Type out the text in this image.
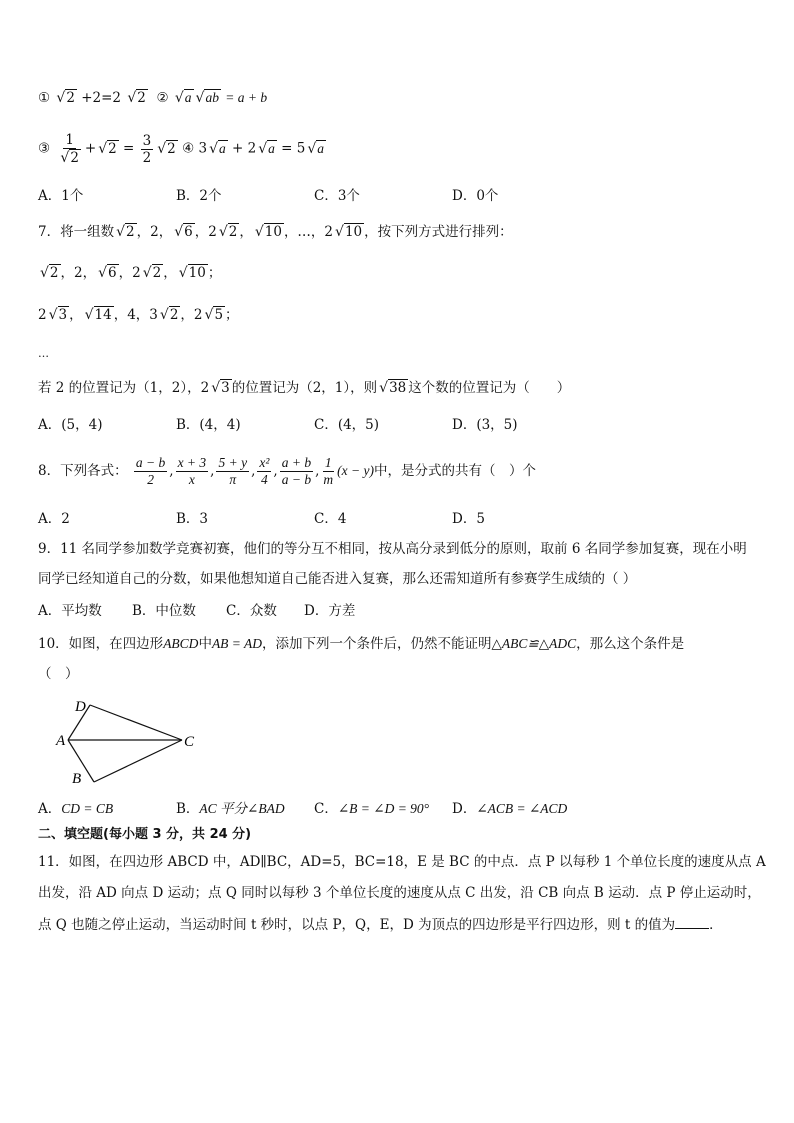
① √2 +2=2 √2 ② √a √ab = a + b
③ $\frac{1}{√2} + √2 = \frac{3}{2} √2$ ④ 3 √a + 2 √a = 5 √a
A．1个	B．2个	C．3个	D．0个
7．将一组数 √2 ，2， √6 ，2 √2 ， √10 ，…，2 √10 ，按下列方式进行排列：
√2 ，2， √6 ，2 √2 ， √10 ；
2 √3 ， √14 ，4，3 √2 ，2 √5 ；
…
若 2 的位置记为（1，2），2 √3 的位置记为（2，1），则 √38 这个数的位置记为（　　）
A．(5，4)	B．(4，4)	C．(4，5)	D．(3，5)
8．下列各式： $\frac{a - b}{2}$ , $\frac{x + 3}{x}$ , $\frac{5 + y}{\pi}$ , $\frac{\text{x²}}{4}$ , $\frac{a + b}{a - b}$ , $\frac{1}{m} (x - y)$中，是分式的共有（　）个
A．2	B．3	C．4	D．5
9．11 名同学参加数学竞赛初赛，他们的等分互不相同，按从高分录到低分的原则，取前 6 名同学参加复赛，现在小明
同学已经知道自己的分数，如果他想知道自己能否进入复赛，那么还需知道所有参赛学生成绩的（ ）
A．平均数 B．中位数 C．众数 D．方差
10．如图，在四边形ABCD中AB = AD，添加下列一个条件后，仍然不能证明△ABC≌△ADC，那么这个条件是
（　）
D
A	C
B
A．CD = CB	B．AC 平分∠BAD C．∠B = ∠D = 90° D．∠ACB = ∠ACD
二、填空题(每小题 3 分，共 24 分)
11．如图，在四边形 ABCD 中，AD∥BC，AD=5，BC=18，E 是 BC 的中点．点 P 以每秒 1 个单位长度的速度从点 A
出发，沿 AD 向点 D 运动；点 Q 同时以每秒 3 个单位长度的速度从点 C 出发，沿 CB 向点 B 运动．点 P 停止运动时，
点 Q 也随之停止运动，当运动时间 t 秒时，以点 P，Q，E，D 为顶点的四边形是平行四边形，则 t 的值为	．
